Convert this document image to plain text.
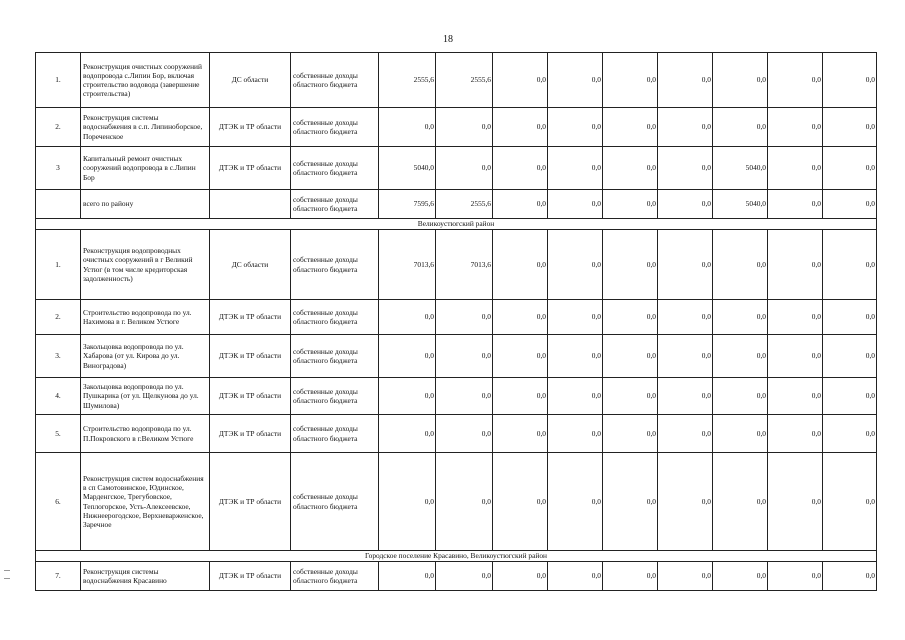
18
1.	Реконструкция очистных сооружений водопровода с.Липин Бор, включая строительство водовода (завершение строительства)	ДС области	собственные доходы областного бюджета	2555,6	2555,6	0,0	0,0	0,0	0,0	0,0	0,0	0,0
2.	Реконструкция системы водоснабжения в с.п. Липиноборское, Пореченское	ДТЭК и ТР области	собственные доходы областного бюджета	0,0	0,0	0,0	0,0	0,0	0,0	0,0	0,0	0,0
3	Капитальный ремонт очистных сооружений водопровода в с.Липин Бор	ДТЭК и ТР области	собственные доходы областного бюджета	5040,0	0,0	0,0	0,0	0,0	0,0	5040,0	0,0	0,0
	всего по району		собственные доходы областного бюджета	7595,6	2555,6	0,0	0,0	0,0	0,0	5040,0	0,0	0,0
Великоустюгский район												
1.	Реконструкция водопроводных очистных сооружений в г Великий Устюг (в том числе кредиторская задолженность)	ДС области	собственные доходы областного бюджета	7013,6	7013,6	0,0	0,0	0,0	0,0	0,0	0,0	0,0
2.	Строительство водопровода по ул. Нахимова в г. Великом Устюге	ДТЭК и ТР области	собственные доходы областного бюджета	0,0	0,0	0,0	0,0	0,0	0,0	0,0	0,0	0,0
3.	Закольцовка водопровода по ул. Хабарова (от ул. Кирова до ул. Виноградова)	ДТЭК и ТР области	собственные доходы областного бюджета	0,0	0,0	0,0	0,0	0,0	0,0	0,0	0,0	0,0
4.	Закольцовка водопровода по ул. Пушкарика (от ул. Щелкунова до ул. Шумилова)	ДТЭК и ТР области	собственные доходы областного бюджета	0,0	0,0	0,0	0,0	0,0	0,0	0,0	0,0	0,0
5.	Строительство водопровода по ул. П.Покровского в г.Великом Устюге	ДТЭК и ТР области	собственные доходы областного бюджета	0,0	0,0	0,0	0,0	0,0	0,0	0,0	0,0	0,0
6.	Реконструкция систем водоснабжения в сп Самотовинское, Юдинское, Марденгское, Трегубовское, Теплогорское, Усть-Алексеевское, Нижнеерогодское, Верхневарженское, Заречное	ДТЭК и ТР области	собственные доходы областного бюджета	0,0	0,0	0,0	0,0	0,0	0,0	0,0	0,0	0,0
Городское поселение Красавино, Великоустюгский район												
7.	Реконструкция системы водоснабжения Красавино	ДТЭК и ТР области	собственные доходы областного бюджета	0,0	0,0	0,0	0,0	0,0	0,0	0,0	0,0	0,0
